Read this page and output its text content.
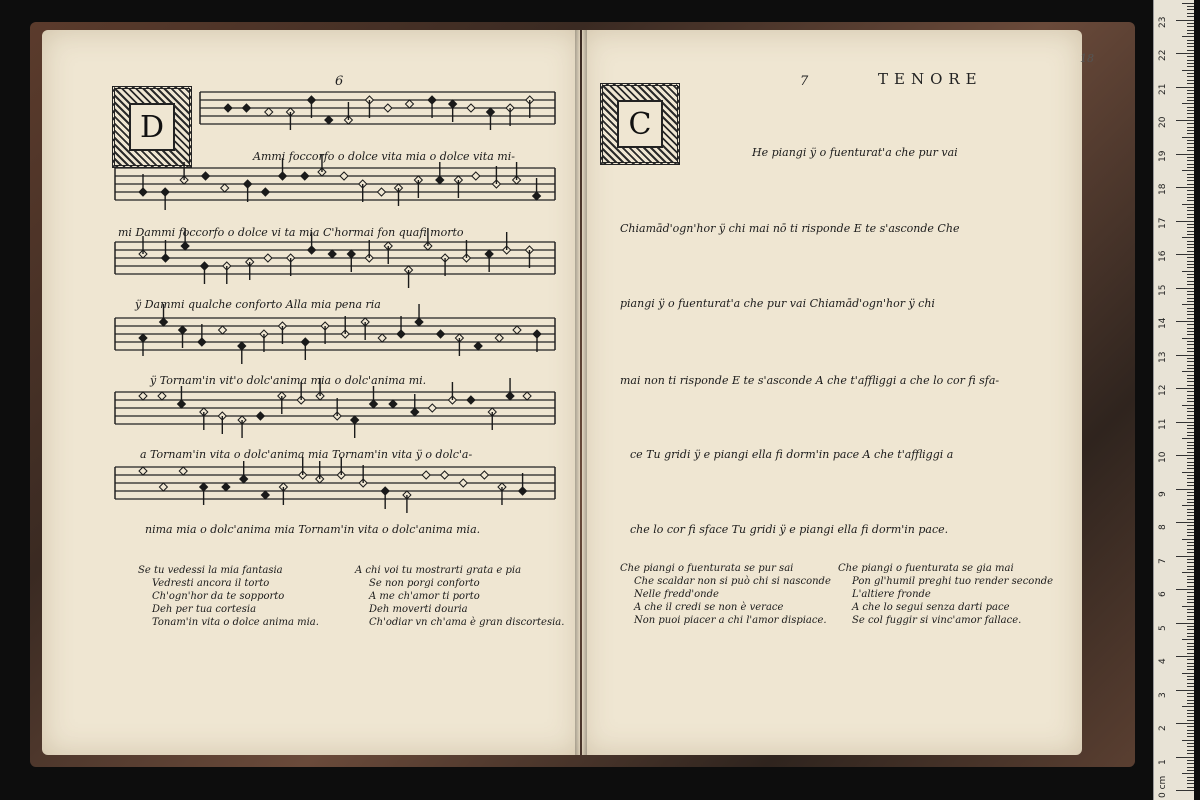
6
D
Ammi foccorfo o dolce vita mia o dolce vita mi-
mi Dammi foccorfo o dolce vi ta mia C'hormai fon quafi morto
ÿ Dammi qualche conforto Alla mia pena ria
ÿ Tornam'in vit'o dolc'anima mia o dolc'anima mi.
a Tornam'in vita o dolc'anima mia Tornam'in vita ÿ o dolc'a-
nima mia o dolc'anima mia Tornam'in vita o dolc'anima mia.
Se tu vedessi la mia fantasia
Vedresti ancora il torto
Ch'ogn'hor da te sopporto
Deh per tua cortesia
Tonam'in vita o dolce anima mia.
A chi voi tu mostrarti grata e pia
Se non porgi conforto
A me ch'amor ti porto
Deh moverti douria
Ch'odiar vn ch'ama è gran discortesia.
7	TENORE
18
C
He piangi ÿ o fuenturat'a che pur vai
Chiamād'ogn'hor ÿ chi mai nō ti risponde E te s'asconde Che
piangi ÿ o fuenturat'a che pur vai Chiamād'ogn'hor ÿ chi
mai non ti risponde E te s'asconde A che t'affliggi a che lo cor fi sfa-
ce Tu gridi ÿ e piangi ella fi dorm'in pace A che t'affliggi a
che lo cor fi sface Tu gridi ÿ e piangi ella fi dorm'in pace.
Che piangi o fuenturata se pur sai
Che scaldar non si può chi si nasconde
Nelle fredd'onde
A che il credi se non è verace
Non puoi piacer a chi l'amor dispiace.
Che piangi o fuenturata se gia mai
Pon gl'humil preghi tuo render seconde
L'altiere fronde
A che lo segui senza darti pace
Se col fuggir si vinc'amor fallace.
0 cm
1
2
3
4
5
6
7
8
9
10
11
12
13
14
15
16
17
18
19
20
21
22
23
